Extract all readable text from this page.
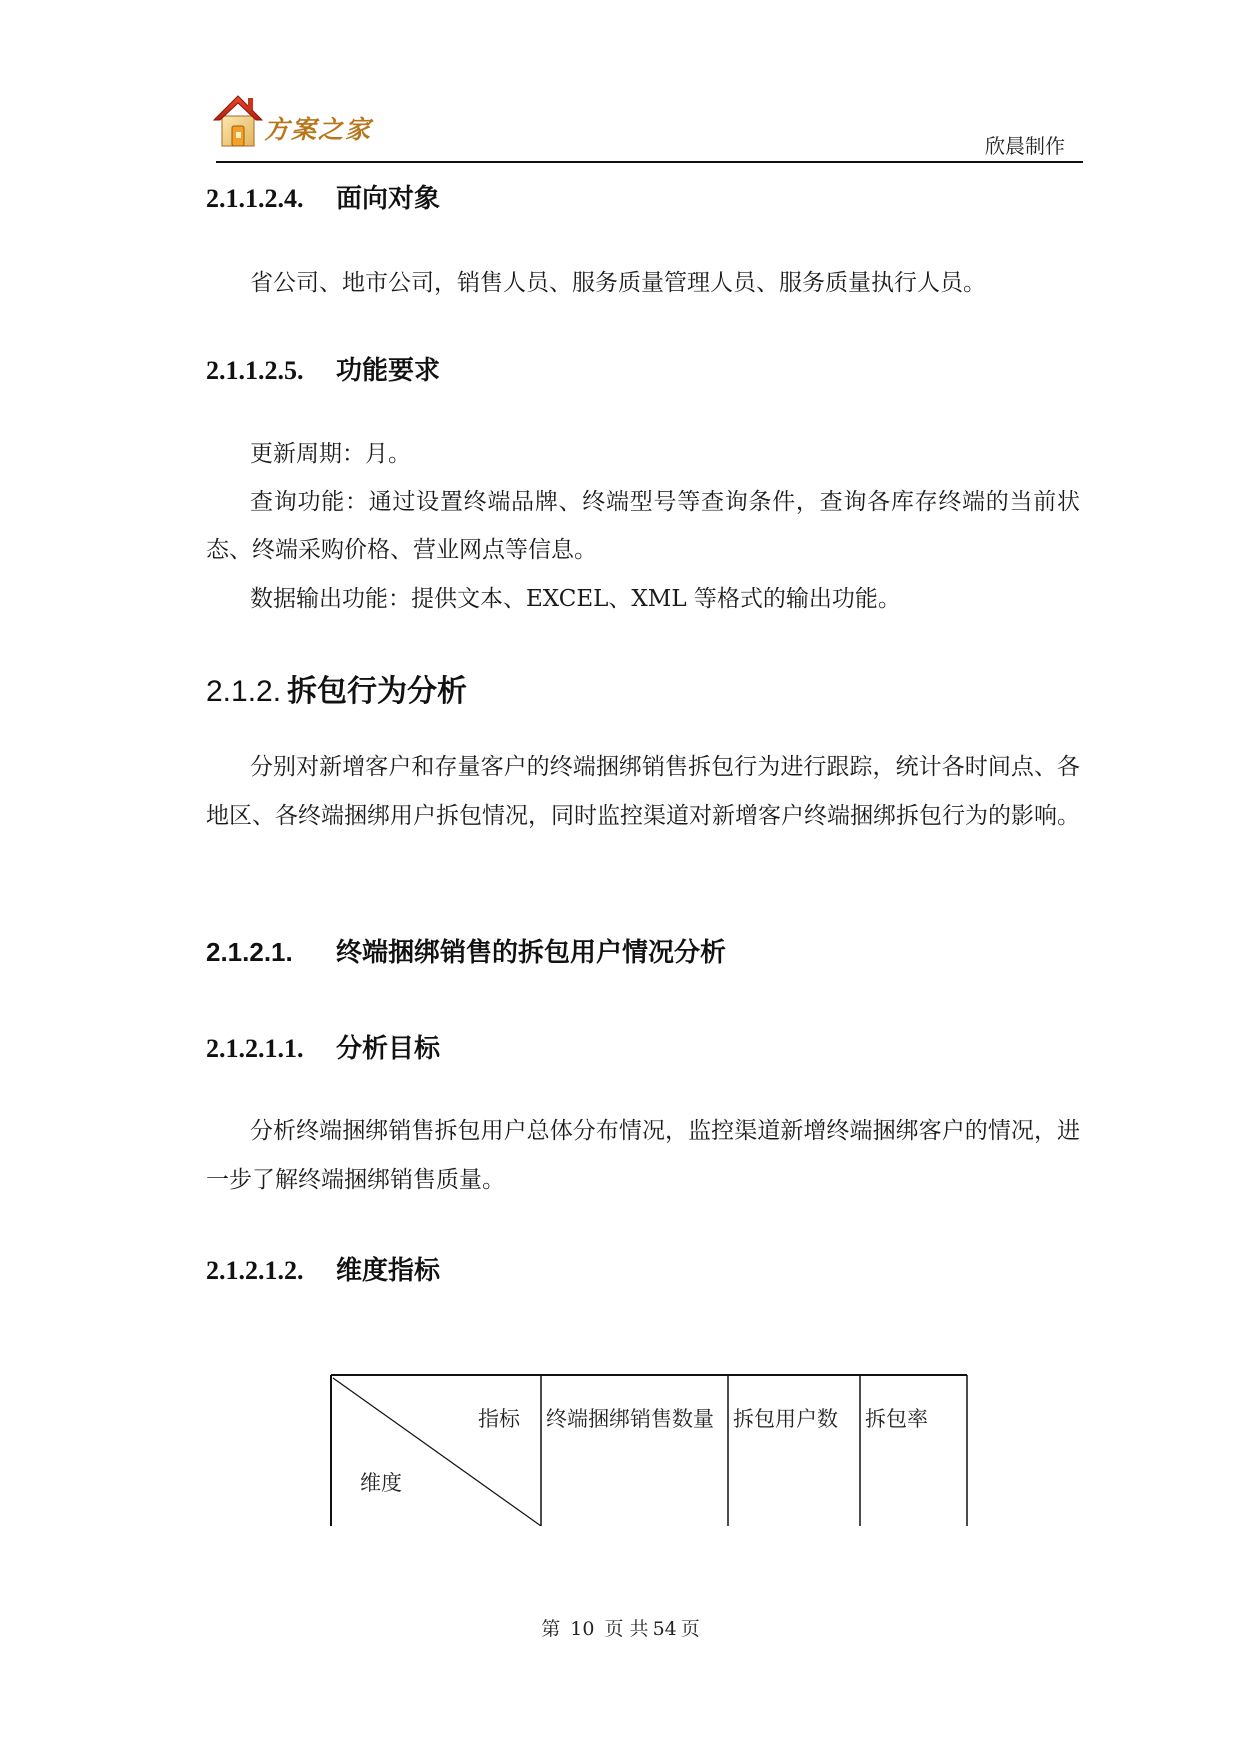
方案之家
欣晨制作
2.1.1.2.4. 面向对象
省公司、地市公司，销售人员、服务质量管理人员、服务质量执行人员。
2.1.1.2.5. 功能要求
更新周期：月。
查询功能：通过设置终端品牌、终端型号等查询条件，查询各库存终端的当前状态、终端采购价格、营业网点等信息。
数据输出功能：提供文本、EXCEL、XML 等格式的输出功能。
2.1.2. 拆包行为分析
分别对新增客户和存量客户的终端捆绑销售拆包行为进行跟踪，统计各时间点、各地区、各终端捆绑用户拆包情况，同时监控渠道对新增客户终端捆绑拆包行为的影响。
2.1.2.1. 终端捆绑销售的拆包用户情况分析
2.1.2.1.1. 分析目标
分析终端捆绑销售拆包用户总体分布情况，监控渠道新增终端捆绑客户的情况，进一步了解终端捆绑销售质量。
2.1.2.1.2. 维度指标
指标
维度
终端捆绑销售数量 拆包用户数 拆包率
第 10 页 共 54 页
